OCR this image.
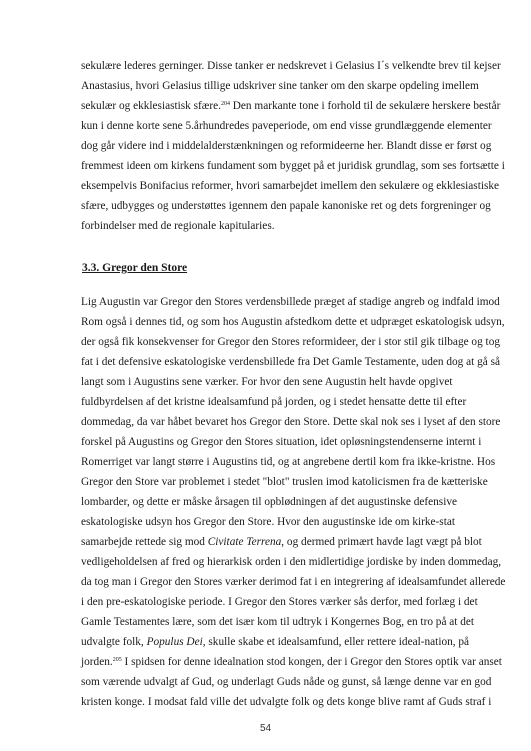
sekulære lederes gerninger. Disse tanker er nedskrevet i Gelasius I´s velkendte brev til kejser
Anastasius, hvori Gelasius tillige udskriver sine tanker om den skarpe opdeling imellem
sekulær og ekklesiastisk sfære.$^{204}$ Den markante tone i forhold til de sekulære herskere består
kun i denne korte sene 5.århundredes paveperiode, om end visse grundlæggende elementer
dog går videre ind i middelalderstænkningen og reformideerne her. Blandt disse er først og
fremmest ideen om kirkens fundament som bygget på et juridisk grundlag, som ses fortsætte i
eksempelvis Bonifacius reformer, hvori samarbejdet imellem den sekulære og ekklesiastiske
sfære, udbygges og understøttes igennem den papale kanoniske ret og dets forgreninger og
forbindelser med de regionale kapitularies.
3.3. Gregor den Store
Lig Augustin var Gregor den Stores verdensbillede præget af stadige angreb og indfald imod
Rom også i dennes tid, og som hos Augustin afstedkom dette et udpræget eskatologisk udsyn,
der også fik konsekvenser for Gregor den Stores reformideer, der i stor stil gik tilbage og tog
fat i det defensive eskatologiske verdensbillede fra Det Gamle Testamente, uden dog at gå så
langt som i Augustins sene værker. For hvor den sene Augustin helt havde opgivet
fuldbyrdelsen af det kristne idealsamfund på jorden, og i stedet hensatte dette til efter
dommedag, da var håbet bevaret hos Gregor den Store. Dette skal nok ses i lyset af den store
forskel på Augustins og Gregor den Stores situation, idet opløsningstendenserne internt i
Romerriget var langt større i Augustins tid, og at angrebene dertil kom fra ikke-kristne. Hos
Gregor den Store var problemet i stedet "blot" truslen imod katolicismen fra de kætteriske
lombarder, og dette er måske årsagen til opblødningen af det augustinske defensive
eskatologiske udsyn hos Gregor den Store. Hvor den augustinske ide om kirke-stat
samarbejde rettede sig mod Civitate Terrena, og dermed primært havde lagt vægt på blot
vedligeholdelsen af fred og hierarkisk orden i den midlertidige jordiske by inden dommedag,
da tog man i Gregor den Stores værker derimod fat i en integrering af idealsamfundet allerede
i den pre-eskatologiske periode. I Gregor den Stores værker sås derfor, med forlæg i det
Gamle Testamentes lære, som det især kom til udtryk i Kongernes Bog, en tro på at det
udvalgte folk, Populus Dei, skulle skabe et idealsamfund, eller rettere ideal-nation, på
jorden.$^{205}$ I spidsen for denne idealnation stod kongen, der i Gregor den Stores optik var anset
som værende udvalgt af Gud, og underlagt Guds nåde og gunst, så længe denne var en god
kristen konge. I modsat fald ville det udvalgte folk og dets konge blive ramt af Guds straf i
54
